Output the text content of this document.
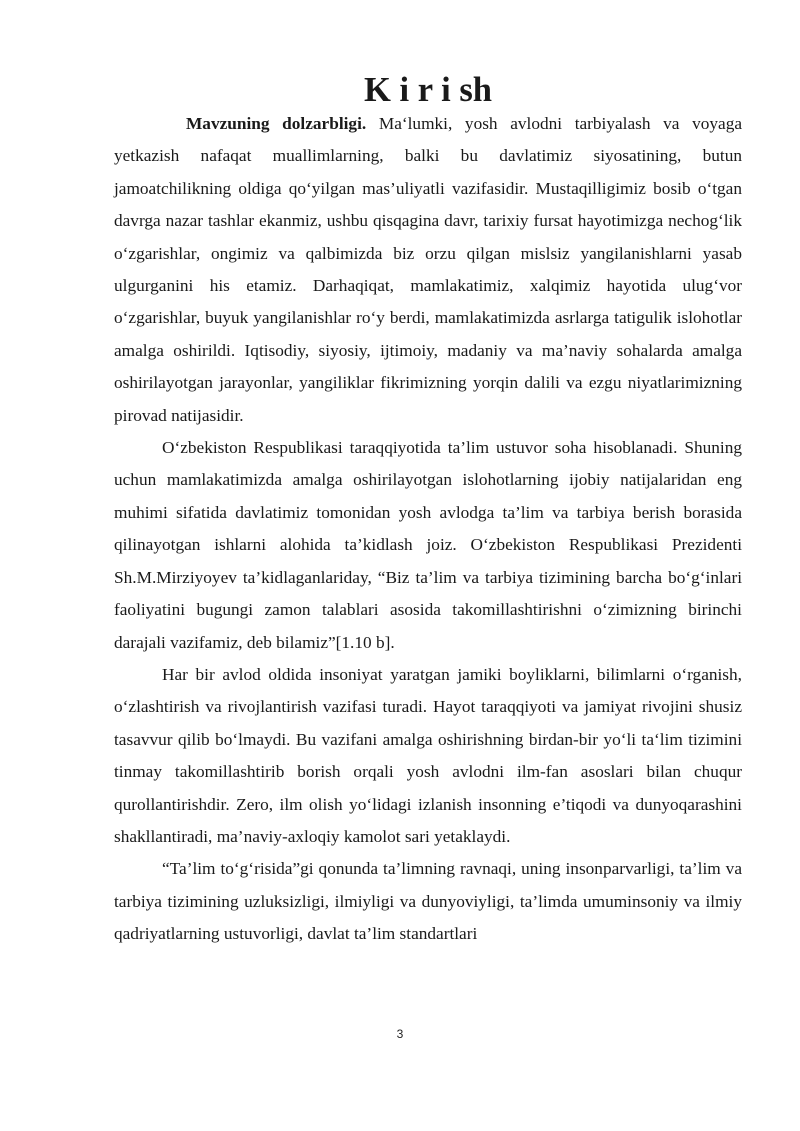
K i r i sh

Mavzuning dolzarbligi. Ma‘lumki, yosh avlodni tarbiyalash va voyaga yetkazish nafaqat muallimlarning, balki bu davlatimiz siyosatining, butun jamoatchilikning oldiga qo‘yilgan mas’uliyatli vazifasidir. Mustaqilligimiz bosib o‘tgan davrga nazar tashlar ekanmiz, ushbu qisqagina davr, tarixiy fursat hayotimizga nechog‘lik o‘zgarishlar, ongimiz va qalbimizda biz orzu qilgan mislsiz yangilanishlarni yasab ulgurganini his etamiz. Darhaqiqat, mamlakatimiz, xalqimiz hayotida ulug‘vor o‘zgarishlar, buyuk yangilanishlar ro‘y berdi, mamlakatimizda asrlarga tatigulik islohotlar amalga oshirildi. Iqtisodiy, siyosiy, ijtimoiy, madaniy va ma’naviy sohalarda amalga oshirilayotgan jarayonlar, yangiliklar fikrimizning yorqin dalili va ezgu niyatlarimizning pirovad natijasidir.

O‘zbekiston Respublikasi taraqqiyotida ta’lim ustuvor soha hisoblanadi. Shuning uchun mamlakatimizda amalga oshirilayotgan islohotlarning ijobiy natijalaridan eng muhimi sifatida davlatimiz tomonidan yosh avlodga ta’lim va tarbiya berish borasida qilinayotgan ishlarni alohida ta’kidlash joiz. O‘zbekiston Respublikasi Prezidenti Sh.M.Mirziyoyev ta’kidlaganlariday, “Biz ta’lim va tarbiya tizimining barcha bo‘g‘inlari faoliyatini bugungi zamon talablari asosida takomillashtirishni o‘zimizning birinchi darajali vazifamiz, deb bilamiz”[1.10 b].

Har bir avlod oldida insoniyat yaratgan jamiki boyliklarni, bilimlarni o‘rganish, o‘zlashtirish va rivojlantirish vazifasi turadi. Hayot taraqqiyoti va jamiyat rivojini shusiz tasavvur qilib bo‘lmaydi. Bu vazifani amalga oshirishning birdan-bir yo‘li ta‘lim tizimini tinmay takomillashtirib borish orqali yosh avlodni ilm-fan asoslari bilan chuqur qurollantirishdir. Zero, ilm olish yo‘lidagi izlanish insonning e’tiqodi va dunyoqarashini shakllantiradi, ma’naviy-axloqiy kamolot sari yetaklaydi.

“Ta’lim to‘g‘risida”gi qonunda ta’limning ravnaqi, uning insonparvarligi, ta’lim va tarbiya tizimining uzluksizligi, ilmiyligi va dunyoviyligi, ta’limda umuminsoniy va ilmiy qadriyatlarning ustuvorligi, davlat ta’lim standartlari

3
